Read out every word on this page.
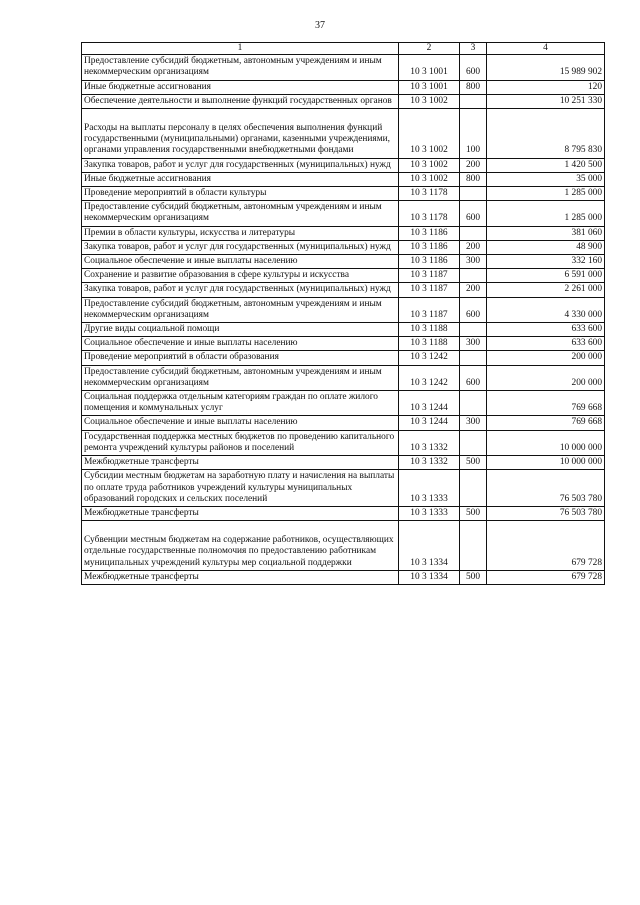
37
1	2	3	4
Предоставление субсидий бюджетным, автономным учреждениям и иным некоммерческим организациям	10 3 1001	600	15 989 902
Иные бюджетные ассигнования	10 3 1001	800	120
Обеспечение деятельности и выполнение функций государственных органов	10 3 1002		10 251 330
Расходы на выплаты персоналу в целях обеспечения выполнения функций государственными (муниципальными) органами, казенными учреждениями, органами управления государственными внебюджетными фондами	10 3 1002	100	8 795 830
Закупка товаров, работ и услуг для государственных (муниципальных) нужд	10 3 1002	200	1 420 500
Иные бюджетные ассигнования	10 3 1002	800	35 000
Проведение мероприятий в области культуры	10 3 1178		1 285 000
Предоставление субсидий бюджетным, автономным учреждениям и иным некоммерческим организациям	10 3 1178	600	1 285 000
Премии в области культуры, искусства и литературы	10 3 1186		381 060
Закупка товаров, работ и услуг для государственных (муниципальных) нужд	10 3 1186	200	48 900
Социальное обеспечение и иные выплаты населению	10 3 1186	300	332 160
Сохранение и развитие образования в сфере культуры и искусства	10 3 1187		6 591 000
Закупка товаров, работ и услуг для государственных (муниципальных) нужд	10 3 1187	200	2 261 000
Предоставление субсидий бюджетным, автономным учреждениям и иным некоммерческим организациям	10 3 1187	600	4 330 000
Другие виды социальной помощи	10 3 1188		633 600
Социальное обеспечение и иные выплаты населению	10 3 1188	300	633 600
Проведение мероприятий в области образования	10 3 1242		200 000
Предоставление субсидий бюджетным, автономным учреждениям и иным некоммерческим организациям	10 3 1242	600	200 000
Социальная поддержка отдельным категориям граждан по оплате жилого помещения и коммунальных услуг	10 3 1244		769 668
Социальное обеспечение и иные выплаты населению	10 3 1244	300	769 668
Государственная поддержка местных бюджетов по проведению капитального ремонта учреждений культуры районов и поселений	10 3 1332		10 000 000
Межбюджетные трансферты	10 3 1332	500	10 000 000
Субсидии местным бюджетам на заработную плату и начисления на выплаты по оплате труда работников учреждений культуры муниципальных образований городских и сельских поселений	10 3 1333		76 503 780
Межбюджетные трансферты	10 3 1333	500	76 503 780
Субвенции местным бюджетам на содержание работников, осуществляющих отдельные государственные полномочия по предоставлению работникам муниципальных учреждений культуры мер социальной поддержки	10 3 1334		679 728
Межбюджетные трансферты	10 3 1334	500	679 728
